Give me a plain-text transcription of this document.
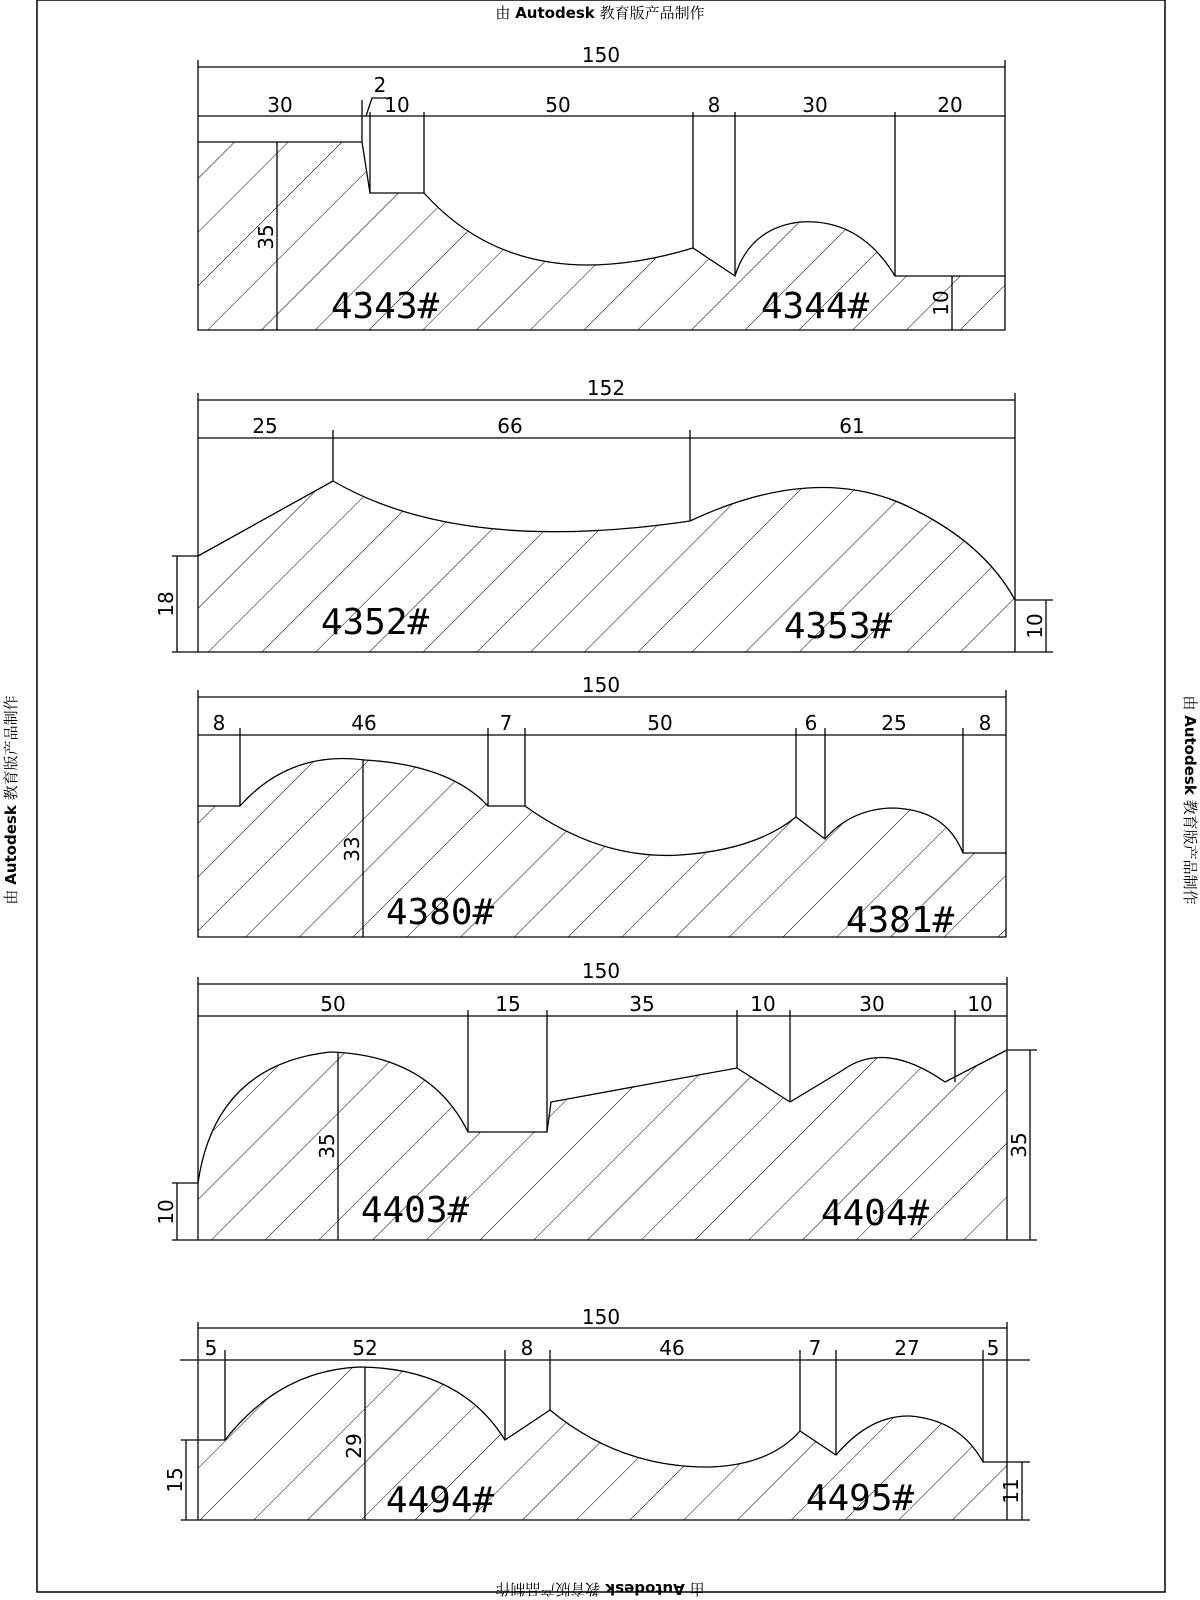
由 Autodesk 教育版产品制作
由 Autodesk 教育版产品制作
由 Autodesk 教育版产品制作	由 Autodesk 教育版产品制作
150
30
2
10	50	8	30	20
35
10
4343#	4344#
152
25	66	61
18
10
4352#	4353#
150
8	46	7	50	6	25	8
33
4380#	4381#
150
50	15	35	10	30	10
35
10
35
4403#	4404#
150
5	52	8	46	7	27	5
29
15	11
4494#	4495#
